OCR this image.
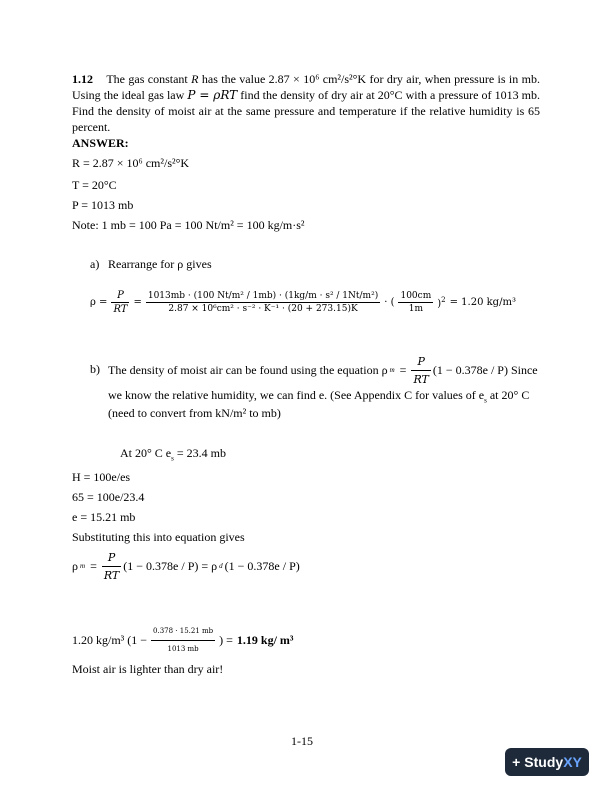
1.12 The gas constant R has the value 2.87 × 10⁶ cm²/s²°K for dry air, when pressure is in mb. Using the ideal gas law P = ρRT find the density of dry air at 20°C with a pressure of 1013 mb. Find the density of moist air at the same pressure and temperature if the relative humidity is 65 percent.
ANSWER:
R = 2.87 × 10⁶ cm²/s²°K
T = 20°C
P = 1013 mb
Note: 1 mb = 100 Pa = 100 Nt/m² = 100 kg/m·s²
a) Rearrange for ρ gives
$\rho = \frac{P}{RT} = \frac{\text{1013mb · (100 Nt/m² / 1mb) · (1kg/m · s² / 1Nt/m²)}}{\text{2.87 × 10⁶cm² · s⁻² · K⁻¹ · (20 + 273.15)K}}$ · ( $\frac{100cm}{1m} )^2 = 1.20$ kg/m³
b) The density of moist air can be found using the equation ρ $m = \frac{P}{RT} (1 - 0.378e / P)$ Since
we know the relative humidity, we can find e. (See Appendix C for values of $e_s$ at 20° C
(need to convert from kN/m² to mb)
At 20° C $e_s = 23.4$ mb
H = 100e/es
65 = 100e/23.4
e = 15.21 mb
Substituting this into equation gives
ρ $m = \frac{P}{RT} (1 - 0.378e / P) = \rho$ d (1 − 0.378e / P)
1.20 kg/m³ ($1 - \frac{0.378 \cdot 15.21 mb}{1013 mb}$ ) = 1.19 kg/ m³
Moist air is lighter than dry air!
1-15
+ StudyXY
